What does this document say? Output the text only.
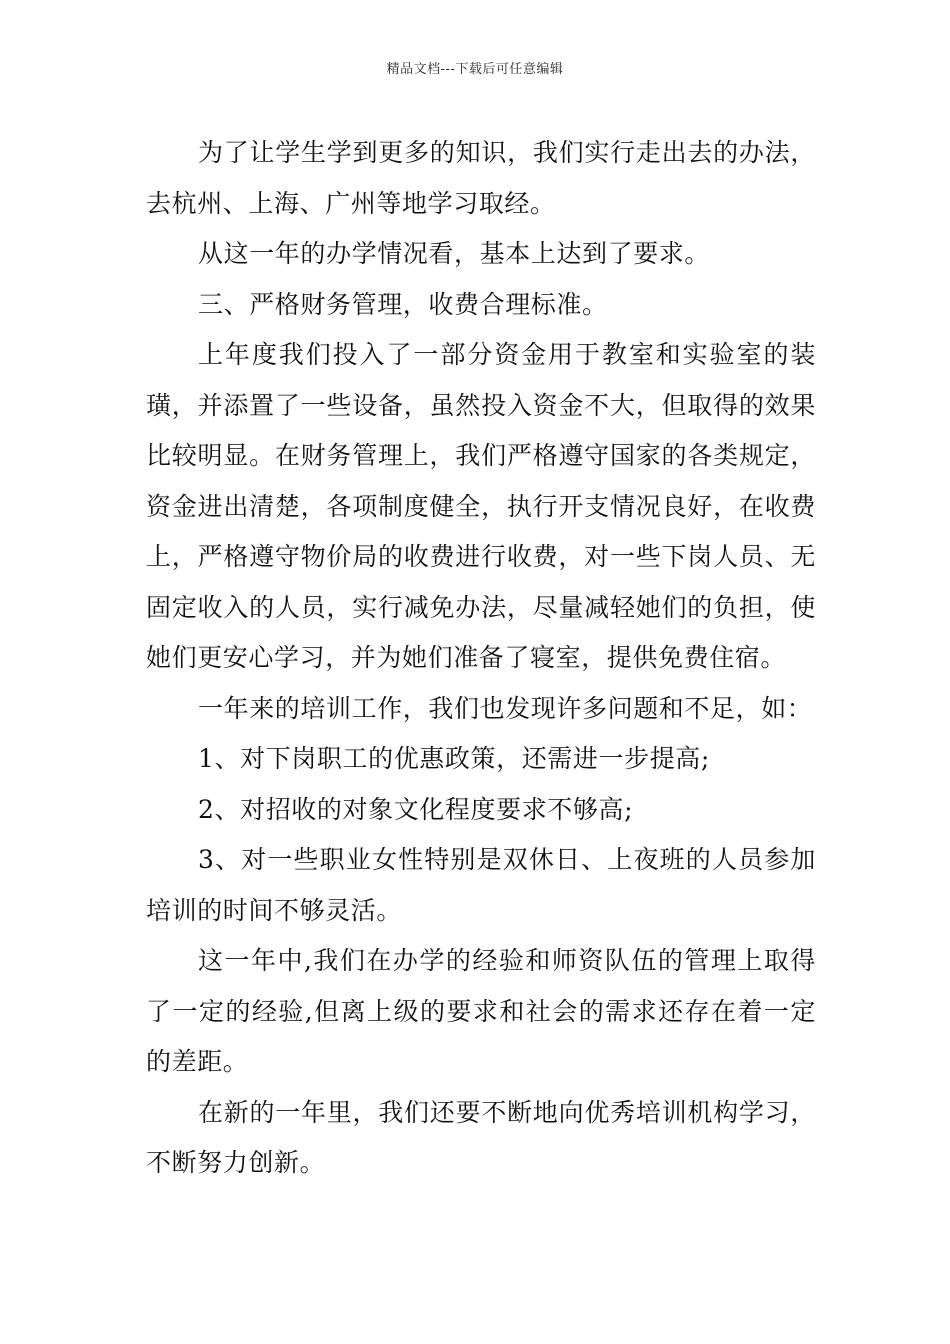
精品文档---下载后可任意编辑

为了让学生学到更多的知识，我们实行走出去的办法，去杭州、上海、广州等地学习取经。

从这一年的办学情况看，基本上达到了要求。

三、严格财务管理，收费合理标准。

上年度我们投入了一部分资金用于教室和实验室的装璜，并添置了一些设备，虽然投入资金不大，但取得的效果比较明显。在财务管理上，我们严格遵守国家的各类规定，资金进出清楚，各项制度健全，执行开支情况良好，在收费上，严格遵守物价局的收费进行收费，对一些下岗人员、无固定收入的人员，实行减免办法，尽量减轻她们的负担，使她们更安心学习，并为她们准备了寝室，提供免费住宿。

一年来的培训工作，我们也发现许多问题和不足，如：

1、对下岗职工的优惠政策，还需进一步提高;

2、对招收的对象文化程度要求不够高;

3、对一些职业女性特别是双休日、上夜班的人员参加培训的时间不够灵活。

这一年中,我们在办学的经验和师资队伍的管理上取得了一定的经验,但离上级的要求和社会的需求还存在着一定的差距。

在新的一年里，我们还要不断地向优秀培训机构学习，不断努力创新。
